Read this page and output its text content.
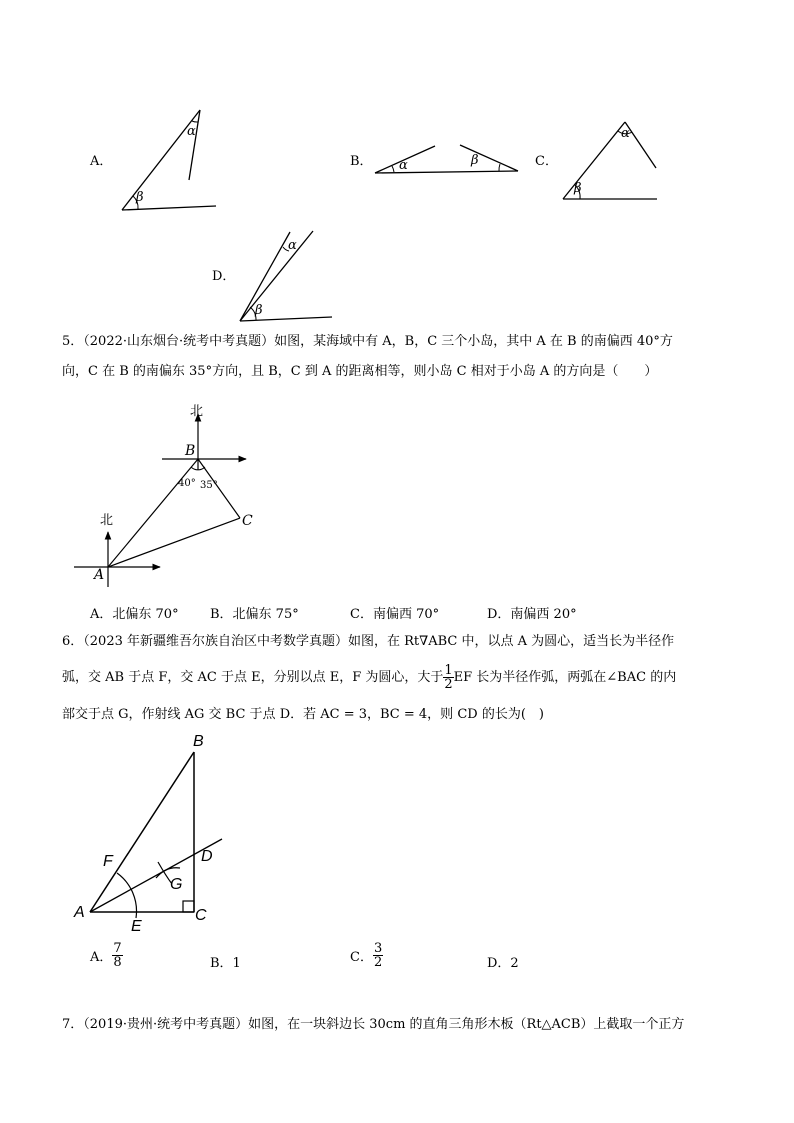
A．
β
α
B． α	β	C．
β
α
D．
β
α
5．（2022·山东烟台·统考中考真题）如图，某海域中有 A，B，C 三个小岛，其中 A 在 B 的南偏西 40°方
向，C 在 B 的南偏东 35°方向，且 B，C 到 A 的距离相等，则小岛 C 相对于小岛 A 的方向是（　　）
北
B
40° 35°
C
北
A
A．北偏东 70° B．北偏东 75°	C．南偏西 70°	D．南偏西 20°
6．（2023 年新疆维吾尔族自治区中考数学真题）如图，在 Rt∇ABC 中，以点 A 为圆心，适当长为半径作
弧，交 AB 于点 F，交 AC 于点 E，分别以点 E，F 为圆心，大于 $\frac{1}{2}$ EF 长为半径作弧，两弧在∠BAC 的内
部交于点 G，作射线 AG 交 BC 于点 D．若 AC = 3，BC = 4，则 CD 的长为(　)
B
F	D
G
A
E
C
A． $\frac{7}{8}$	B．1	C． $\frac{3}{2}$	D．2
7．（2019·贵州·统考中考真题）如图，在一块斜边长 30cm 的直角三角形木板（Rt△ACB）上截取一个正方
